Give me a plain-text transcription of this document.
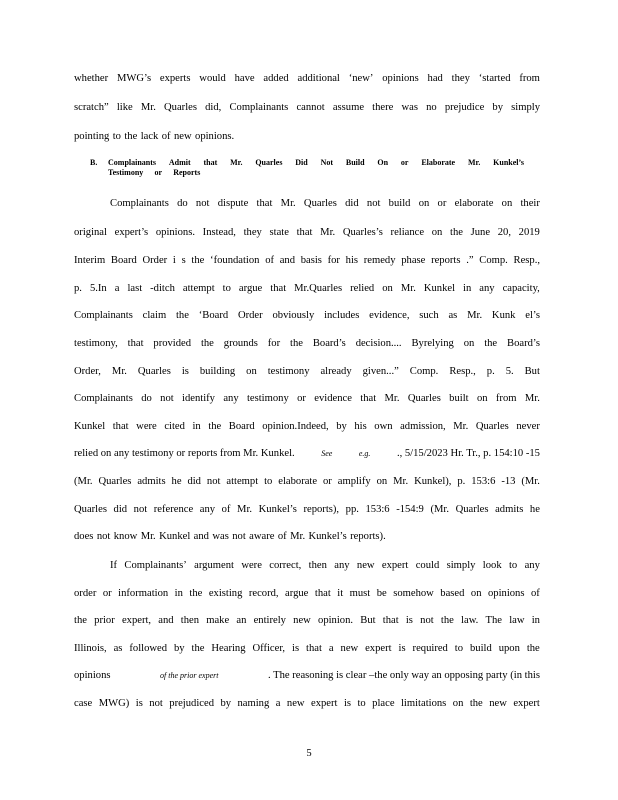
whether MWG’s experts would have added additional ‘new’ opinions had they ‘started from
scratch” like Mr. Quarles did, Complainants cannot assume there was no prejudice by simply
pointing to the lack of new opinions.
B. Complainants Admit that Mr. Quarles Did Not Build On or Elaborate Mr. Kunkel’s
Testimony or Reports
Complainants do not dispute that Mr. Quarles did not build on or elaborate on their
original expert’s opinions. Instead, they state that Mr. Quarles’s reliance on the June 20, 2019
Interim Board Order i s the ‘foundation of and basis for his remedy phase reports .” Comp. Resp.,
p. 5.In a last -ditch attempt to argue that Mr.Quarles relied on Mr. Kunkel in any capacity,
Complainants claim the ‘Board Order obviously includes evidence, such as Mr. Kunk el’s
testimony, that provided the grounds for the Board’s decision.... Byrelying on the Board’s
Order, Mr. Quarles is building on testimony already given...” Comp. Resp., p. 5. But
Complainants do not identify any testimony or evidence that Mr. Quarles built on from Mr.
Kunkel that were cited in the Board opinion.Indeed, by his own admission, Mr. Quarles never
relied on any testimony or reports from Mr. Kunkel.	See	e.g.	., 5/15/2023 Hr. Tr., p. 154:10 -15
(Mr. Quarles admits he did not attempt to elaborate or amplify on Mr. Kunkel), p. 153:6 -13 (Mr.
Quarles did not reference any of Mr. Kunkel’s reports), pp. 153:6 -154:9 (Mr. Quarles admits he
does not know Mr. Kunkel and was not aware of Mr. Kunkel’s reports).
If Complainants’ argument were correct, then any new expert could simply look to any
order or information in the existing record, argue that it must be somehow based on opinions of
the prior expert, and then make an entirely new opinion. But that is not the law. The law in
Illinois, as followed by the Hearing Officer, is that a new expert is required to build upon the
opinions	of the prior expert	. The reasoning is clear –the only way an opposing party (in this
case MWG) is not prejudiced by naming a new expert is to place limitations on the new expert
5
